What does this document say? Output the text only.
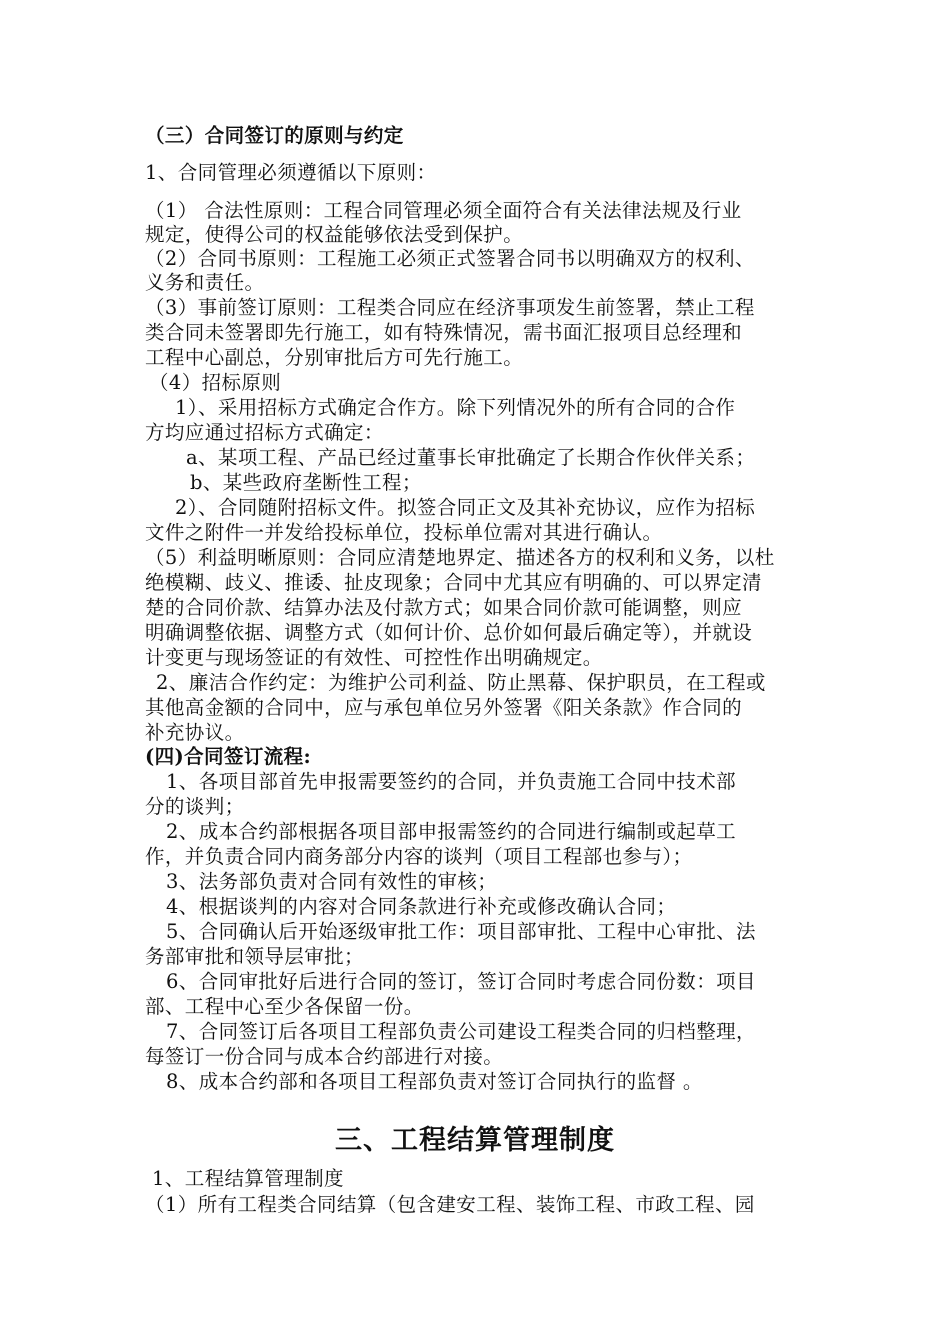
（三）合同签订的原则与约定
1、合同管理必须遵循以下原则：
（1） 合法性原则：工程合同管理必须全面符合有关法律法规及行业
规定，使得公司的权益能够依法受到保护。
（2）合同书原则：工程施工必须正式签署合同书以明确双方的权利、
义务和责任。
（3）事前签订原则：工程类合同应在经济事项发生前签署，禁止工程
类合同未签署即先行施工，如有特殊情况，需书面汇报项目总经理和
工程中心副总，分别审批后方可先行施工。
（4）招标原则
1）、采用招标方式确定合作方。除下列情况外的所有合同的合作
方均应通过招标方式确定：
a、某项工程、产品已经过董事长审批确定了长期合作伙伴关系；
b、某些政府垄断性工程；
2）、合同随附招标文件。拟签合同正文及其补充协议，应作为招标
文件之附件一并发给投标单位，投标单位需对其进行确认。
（5）利益明晰原则：合同应清楚地界定、描述各方的权利和义务，以杜
绝模糊、歧义、推诿、扯皮现象；合同中尤其应有明确的、可以界定清
楚的合同价款、结算办法及付款方式；如果合同价款可能调整，则应
明确调整依据、调整方式（如何计价、总价如何最后确定等），并就设
计变更与现场签证的有效性、可控性作出明确规定。
2、廉洁合作约定：为维护公司利益、防止黑幕、保护职员，在工程或
其他高金额的合同中，应与承包单位另外签署《阳关条款》作合同的
补充协议。
(四)合同签订流程:
1、各项目部首先申报需要签约的合同，并负责施工合同中技术部
分的谈判；
2、成本合约部根据各项目部申报需签约的合同进行编制或起草工
作，并负责合同内商务部分内容的谈判（项目工程部也参与）；
3、法务部负责对合同有效性的审核；
4、根据谈判的内容对合同条款进行补充或修改确认合同；
5、合同确认后开始逐级审批工作：项目部审批、工程中心审批、法
务部审批和领导层审批；
6、合同审批好后进行合同的签订，签订合同时考虑合同份数：项目
部、工程中心至少各保留一份。
7、合同签订后各项目工程部负责公司建设工程类合同的归档整理，
每签订一份合同与成本合约部进行对接。
8、成本合约部和各项目工程部负责对签订合同执行的监督 。
三、工程结算管理制度
1、工程结算管理制度
（1）所有工程类合同结算（包含建安工程、装饰工程、市政工程、园
